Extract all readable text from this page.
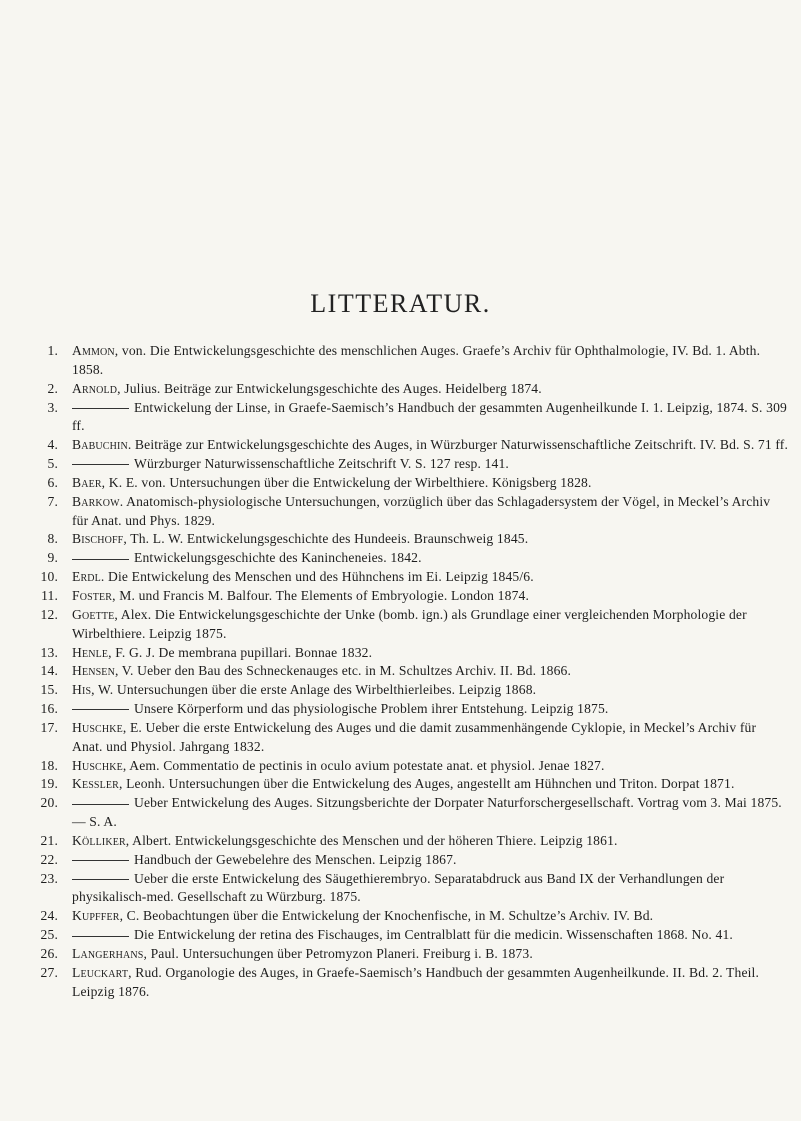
LITTERATUR.
1. Ammon, von. Die Entwickelungsgeschichte des menschlichen Auges. Graefe’s Archiv für Ophthalmologie, IV. Bd. 1. Abth. 1858.
2. Arnold, Julius. Beiträge zur Entwickelungsgeschichte des Auges. Heidelberg 1874.
3.	Entwickelung der Linse, in Graefe-Saemisch’s Handbuch der gesammten Augenheilkunde I. 1. Leipzig, 1874. S. 309 ff.
4. Babuchin. Beiträge zur Entwickelungsgeschichte des Auges, in Würzburger Naturwissenschaftliche Zeitschrift. IV. Bd. S. 71 ff.
5.	Würzburger Naturwissenschaftliche Zeitschrift V. S. 127 resp. 141.
6. Baer, K. E. von. Untersuchungen über die Entwickelung der Wirbelthiere. Königsberg 1828.
7. Barkow. Anatomisch-physiologische Untersuchungen, vorzüglich über das Schlagadersystem der Vögel, in Meckel’s Archiv für Anat. und Phys. 1829.
8. Bischoff, Th. L. W. Entwickelungsgeschichte des Hundeeis. Braunschweig 1845.
9.	Entwickelungsgeschichte des Kanincheneies. 1842.
10. Erdl. Die Entwickelung des Menschen und des Hühnchens im Ei. Leipzig 1845/6.
11. Foster, M. und Francis M. Balfour. The Elements of Embryologie. London 1874.
12. Goette, Alex. Die Entwickelungsgeschichte der Unke (bomb. ign.) als Grundlage einer vergleichenden Morphologie der Wirbelthiere. Leipzig 1875.
13. Henle, F. G. J. De membrana pupillari. Bonnae 1832.
14. Hensen, V. Ueber den Bau des Schneckenauges etc. in M. Schultzes Archiv. II. Bd. 1866.
15. His, W. Untersuchungen über die erste Anlage des Wirbelthierleibes. Leipzig 1868.
16.	Unsere Körperform und das physiologische Problem ihrer Entstehung. Leipzig 1875.
17. Huschke, E. Ueber die erste Entwickelung des Auges und die damit zusammenhängende Cyklopie, in Meckel’s Archiv für Anat. und Physiol. Jahrgang 1832.
18. Huschke, Aem. Commentatio de pectinis in oculo avium potestate anat. et physiol. Jenae 1827.
19. Kessler, Leonh. Untersuchungen über die Entwickelung des Auges, angestellt am Hühnchen und Triton. Dorpat 1871.
20.	Ueber Entwickelung des Auges. Sitzungsberichte der Dorpater Naturforschergesellschaft. Vortrag vom 3. Mai 1875. — S. A.
21. Kölliker, Albert. Entwickelungsgeschichte des Menschen und der höheren Thiere. Leipzig 1861.
22.	Handbuch der Gewebelehre des Menschen. Leipzig 1867.
23.	Ueber die erste Entwickelung des Säugethierembryo. Separatabdruck aus Band IX der Verhandlungen der physikalisch-med. Gesellschaft zu Würzburg. 1875.
24. Kupffer, C. Beobachtungen über die Entwickelung der Knochenfische, in M. Schultze’s Archiv. IV. Bd.
25.	Die Entwickelung der retina des Fischauges, im Centralblatt für die medicin. Wissenschaften 1868. No. 41.
26. Langerhans, Paul. Untersuchungen über Petromyzon Planeri. Freiburg i. B. 1873.
27. Leuckart, Rud. Organologie des Auges, in Graefe-Saemisch’s Handbuch der gesammten Augenheilkunde. II. Bd. 2. Theil. Leipzig 1876.
